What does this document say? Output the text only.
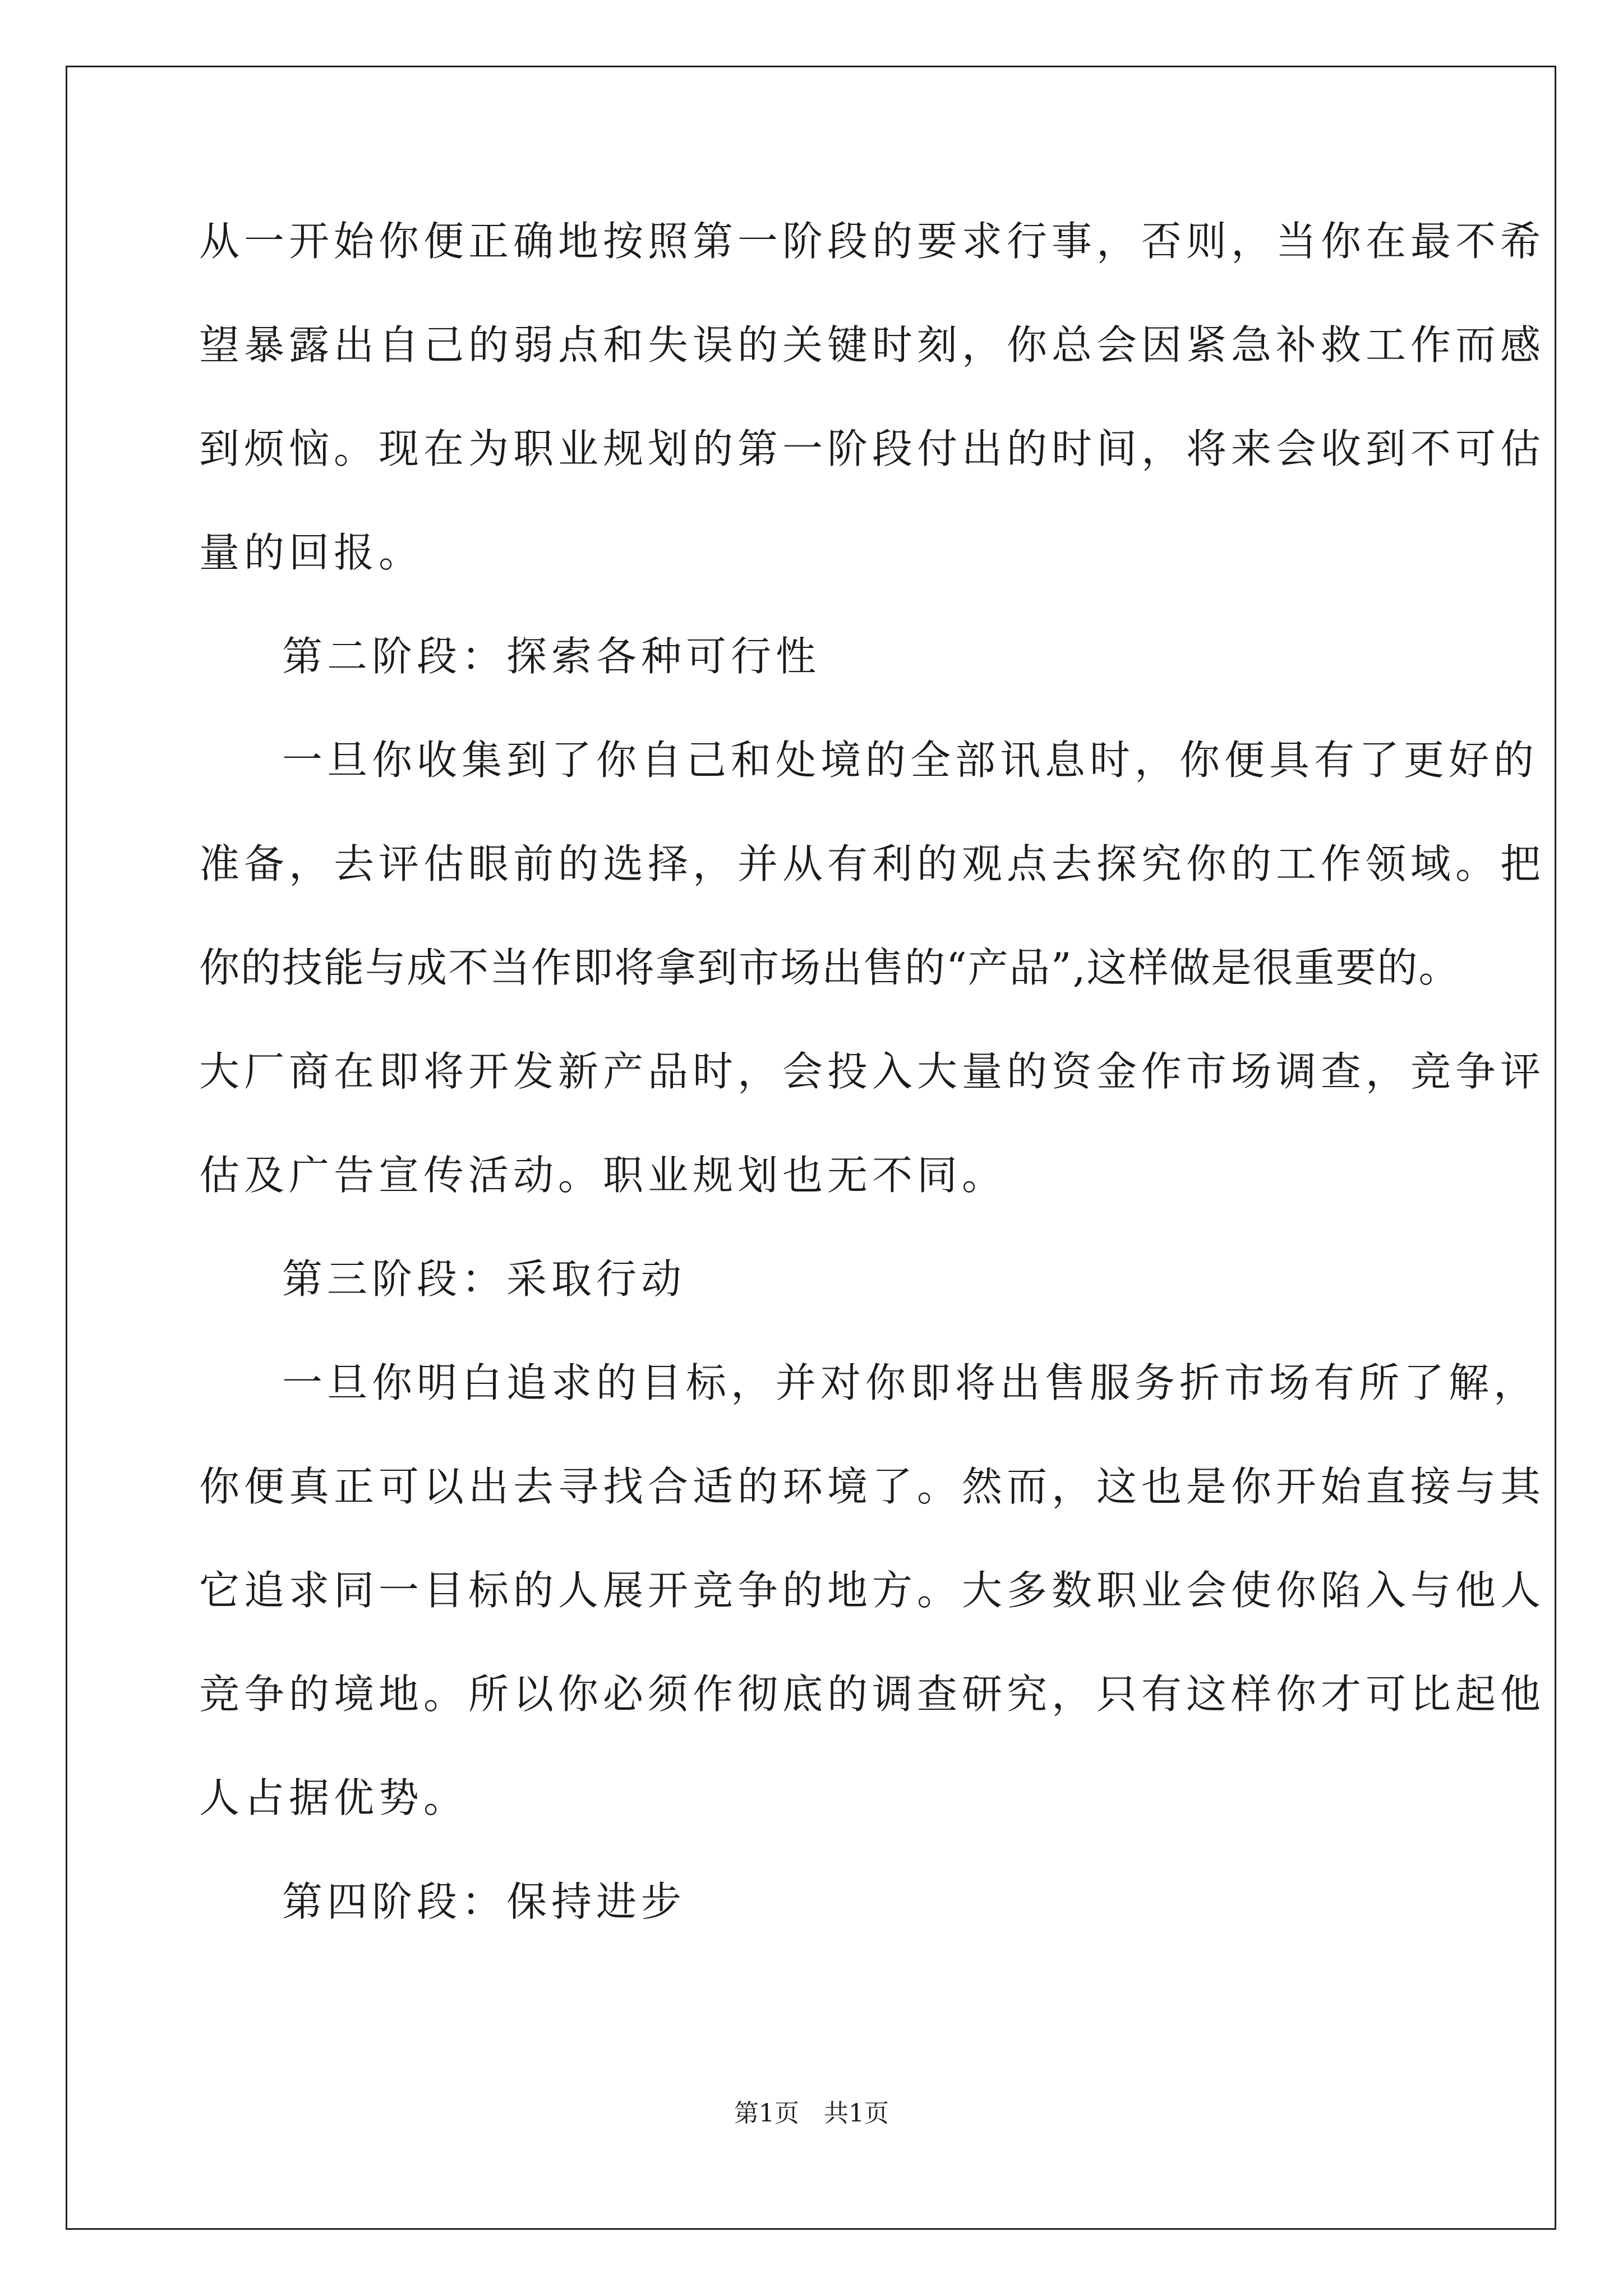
从一开始你便正确地按照第一阶段的要求行事，否则，当你在最不希
望暴露出自己的弱点和失误的关键时刻，你总会因紧急补救工作而感
到烦恼。现在为职业规划的第一阶段付出的时间，将来会收到不可估
量的回报。
第二阶段：探索各种可行性
一旦你收集到了你自己和处境的全部讯息时，你便具有了更好的
准备，去评估眼前的选择，并从有利的观点去探究你的工作领域。把
你的技能与成不当作即将拿到市场出售的“产品”,这样做是很重要的。
大厂商在即将开发新产品时，会投入大量的资金作市场调查，竞争评
估及广告宣传活动。职业规划也无不同。
第三阶段：采取行动
一旦你明白追求的目标，并对你即将出售服务折市场有所了解，
你便真正可以出去寻找合适的环境了。然而，这也是你开始直接与其
它追求同一目标的人展开竞争的地方。大多数职业会使你陷入与他人
竞争的境地。所以你必须作彻底的调查研究，只有这样你才可比起他
人占据优势。
第四阶段：保持进步
第1页　共1页
